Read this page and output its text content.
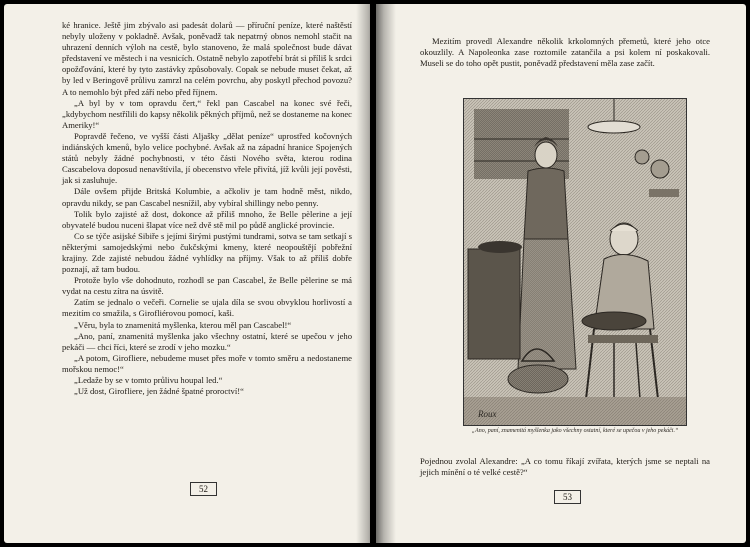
ké hranice. Ještě jim zbývalo asi padesát dolarů — příruční peníze, které naštěstí nebyly uloženy v pokladně. Avšak, poněvadž tak nepatrný obnos nemohl stačit na uhrazení denních výloh na cestě, bylo stanoveno, že malá společnost bude dávat představení ve městech i na vesnicích. Ostatně nebylo zapotřebí brát si příliš k srdci opožďování, které by tyto zastávky způsobovaly. Copak se nebude muset čekat, až by led v Beringově průlivu zamrzl na celém povrchu, aby poskytl přechod povozu? A to nemohlo být před září nebo před říjnem.

„A byl by v tom opravdu čert,“ řekl pan Cascabel na konec své řeči, „kdybychom nestřílili do kapsy několik pěkných příjmů, než se dostaneme na konec Ameriky!“

Popravdě řečeno, ve vyšší části Aljašky „dělat peníze“ uprostřed kočovných indiánských kmenů, bylo velice pochybné. Avšak až na západní hranice Spojených států nebyly žádné pochybnosti, v této části Nového světa, kterou rodina Cascabelova doposud nenavštívila, jí obecenstvo vřele přivítá, jíž kvůli její pověsti, jak si zasluhuje.

Dále ovšem přijde Britská Kolumbie, a ačkoliv je tam hodně měst, nikdo, opravdu nikdy, se pan Cascabel nesnížil, aby vybíral shillingy nebo penny.

Tolik bylo zajisté až dost, dokonce až příliš mnoho, že Belle pèlerine a její obyvatelé budou nuceni šlapat více než dvě stě mil po půdě anglické provincie.

Co se týče asijské Sibiře s jejími širými pustými tundrami, sotva se tam setkají s některými samojedskými nebo čukčskými kmeny, které neopouštějí pobřežní krajiny. Zde zajisté nebudou žádné vyhlídky na příjmy. Však to až příliš dobře poznají, až tam budou.

Protože bylo vše dohodnuto, rozhodl se pan Cascabel, že Belle pèlerine se má vydat na cestu zítra na úsvitě.

Zatím se jednalo o večeři. Cornelie se ujala díla se svou obvyklou horlivostí a mezitím co smažila, s Girofliérovou pomocí, kaši.

„Věru, byla to znamenitá myšlenka, kterou měl pan Cascabel!“

„Ano, paní, znamenitá myšlenka jako všechny ostatní, které se upečou v jeho pekáči — chci říci, které se zrodí v jeho mozku.“

„A potom, Girofliere, nebudeme muset přes moře v tomto směru a nedostaneme mořskou nemoc!“

„Ledaže by se v tomto průlivu houpal led.“

„Už dost, Girofliere, jen žádné špatné proroctví!“

52

Mezitím provedl Alexandre několik krkolomných přemetů, které jeho otce okouzlily. A Napoleonka zase roztomile zatančila a psi kolem ní poskakovali. Museli se do toho opět pustit, poněvadž představení měla zase začít.

Roux
„Ano, paní, znamenitá myšlenka jako všechny ostatní, které se upečou v jeho pekáči.“

Pojednou zvolal Alexandre: „A co tomu říkají zvířata, kterých jsme se neptali na jejich mínění o té velké cestě?“

53
